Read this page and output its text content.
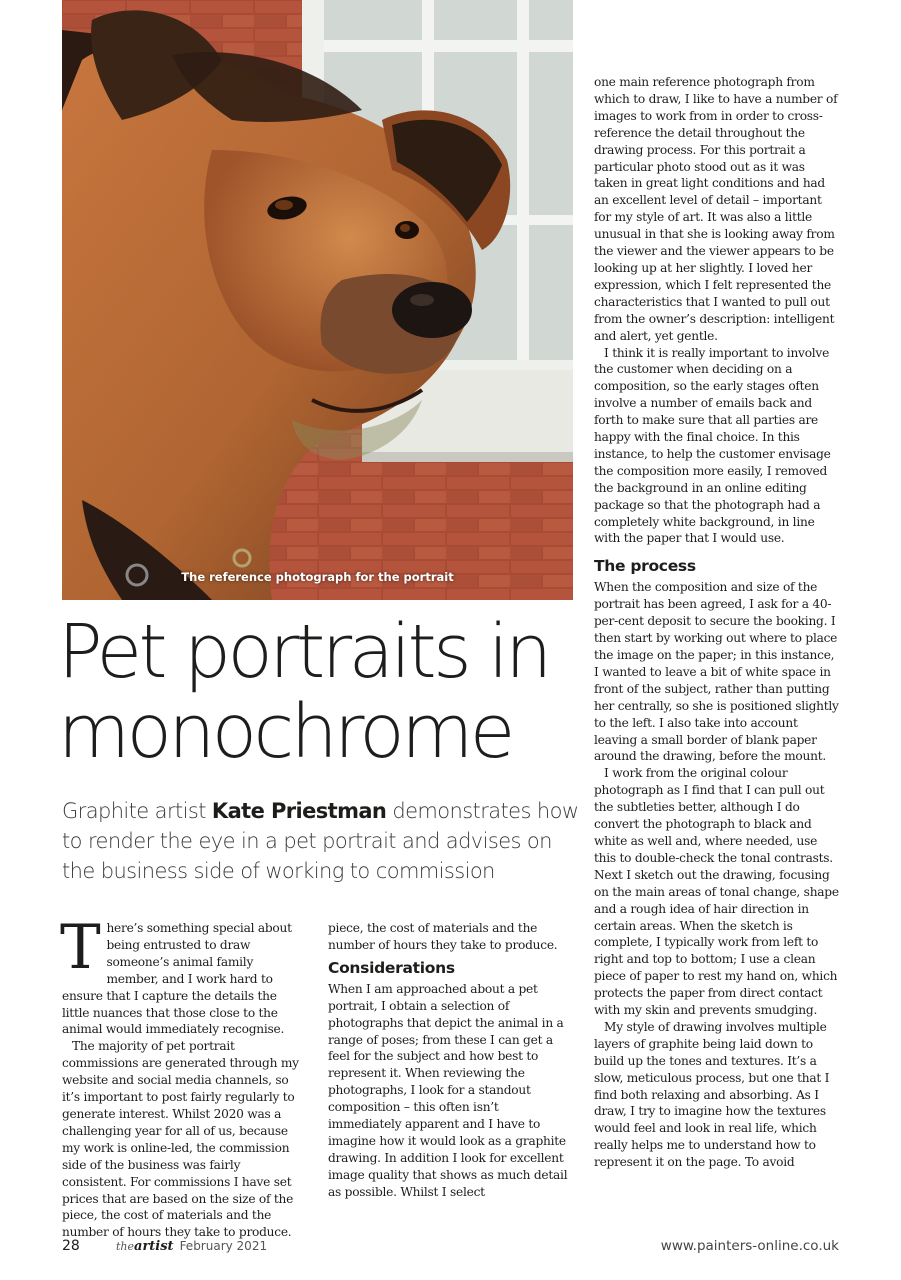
The reference photograph for the portrait
Pet portraits in
monochrome

Graphite artist Kate Priestman demonstrates how to render the eye in a pet portrait and advises on the business side of working to commission

There’s something special about being entrusted to draw someone’s animal family member, and I work hard to ensure that I capture the details the little nuances that those close to the animal would immediately recognise.

The majority of pet portrait commissions are generated through my website and social media channels, so it’s important to post fairly regularly to generate interest. Whilst 2020 was a challenging year for all of us, because my work is online-led, the commission side of the business was fairly consistent. For commissions I have set prices that are based on the size of the piece, the cost of materials and the number of hours they take to produce.

piece, the cost of materials and the number of hours they take to produce.

Considerations

When I am approached about a pet portrait, I obtain a selection of photographs that depict the animal in a range of poses; from these I can get a feel for the subject and how best to represent it. When reviewing the photographs, I look for a standout composition – this often isn’t immediately apparent and I have to imagine how it would look as a graphite drawing. In addition I look for excellent image quality that shows as much detail as possible. Whilst I select

one main reference photograph from which to draw, I like to have a number of images to work from in order to cross-reference the detail throughout the drawing process. For this portrait a particular photo stood out as it was taken in great light conditions and had an excellent level of detail – important for my style of art. It was also a little unusual in that she is looking away from the viewer and the viewer appears to be looking up at her slightly. I loved her expression, which I felt represented the characteristics that I wanted to pull out from the owner’s description: intelligent and alert, yet gentle.

I think it is really important to involve the customer when deciding on a composition, so the early stages often involve a number of emails back and forth to make sure that all parties are happy with the final choice. In this instance, to help the customer envisage the composition more easily, I removed the background in an online editing package so that the photograph had a completely white background, in line with the paper that I would use.

The process

When the composition and size of the portrait has been agreed, I ask for a 40-per-cent deposit to secure the booking. I then start by working out where to place the image on the paper; in this instance, I wanted to leave a bit of white space in front of the subject, rather than putting her centrally, so she is positioned slightly to the left. I also take into account leaving a small border of blank paper around the drawing, before the mount.

I work from the original colour photograph as I find that I can pull out the subtleties better, although I do convert the photograph to black and white as well and, where needed, use this to double-check the tonal contrasts. Next I sketch out the drawing, focusing on the main areas of tonal change, shape and a rough idea of hair direction in certain areas. When the sketch is complete, I typically work from left to right and top to bottom; I use a clean piece of paper to rest my hand on, which protects the paper from direct contact with my skin and prevents smudging.

My style of drawing involves multiple layers of graphite being laid down to build up the tones and textures. It’s a slow, meticulous process, but one that I find both relaxing and absorbing. As I draw, I try to imagine how the textures would feel and look in real life, which really helps me to understand how to represent it on the page. To avoid

28	theartist February 2021	www.painters-online.co.uk
